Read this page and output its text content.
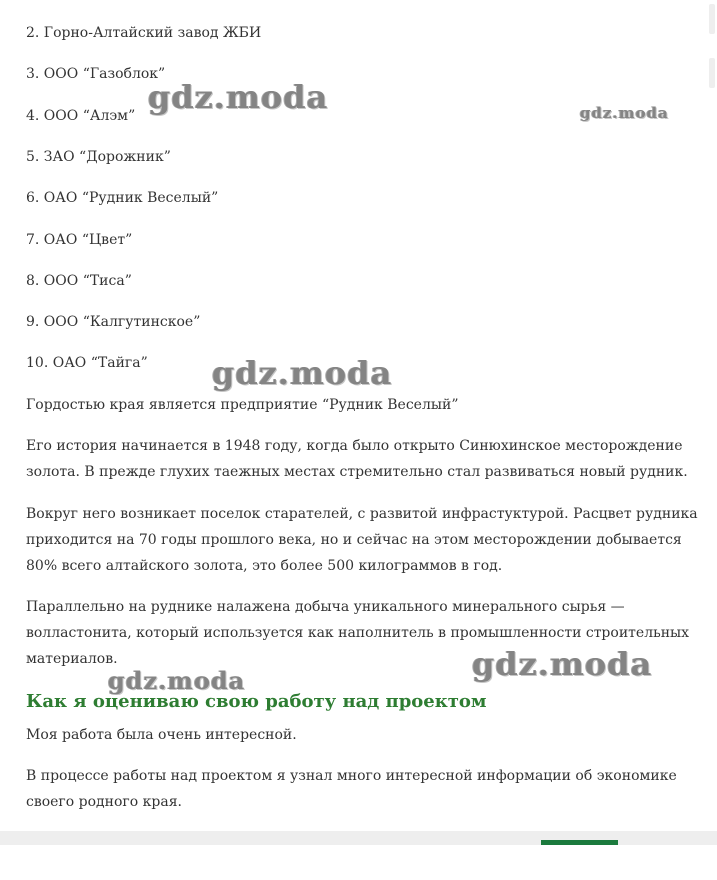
2. Горно-Алтайский завод ЖБИ
3. ООО “Газоблок”
4. ООО “Алэм”
5. ЗАО “Дорожник”
6. ОАО “Рудник Веселый”
7. ОАО “Цвет”
8. ООО “Тиса”
9. ООО “Калгутинское”
10. ОАО “Тайга”
Гордостью края является предприятие “Рудник Веселый”
Его история начинается в 1948 году, когда было открыто Синюхинское месторождение
золота. В прежде глухих таежных местах стремительно стал развиваться новый рудник.
Вокруг него возникает поселок старателей, с развитой инфрастуктурой. Расцвет рудника
приходится на 70 годы прошлого века, но и сейчас на этом месторождении добывается
80% всего алтайского золота, это более 500 килограммов в год.
Параллельно на руднике налажена добыча уникального минерального сырья —
волластонита, который используется как наполнитель в промышленности строительных
материалов.
Как я оцениваю свою работу над проектом
Моя работа была очень интересной.
В процессе работы над проектом я узнал много интересной информации об экономике
своего родного края.
gdz.moda	gdz.moda
gdz.moda
gdz.moda
gdz.moda
